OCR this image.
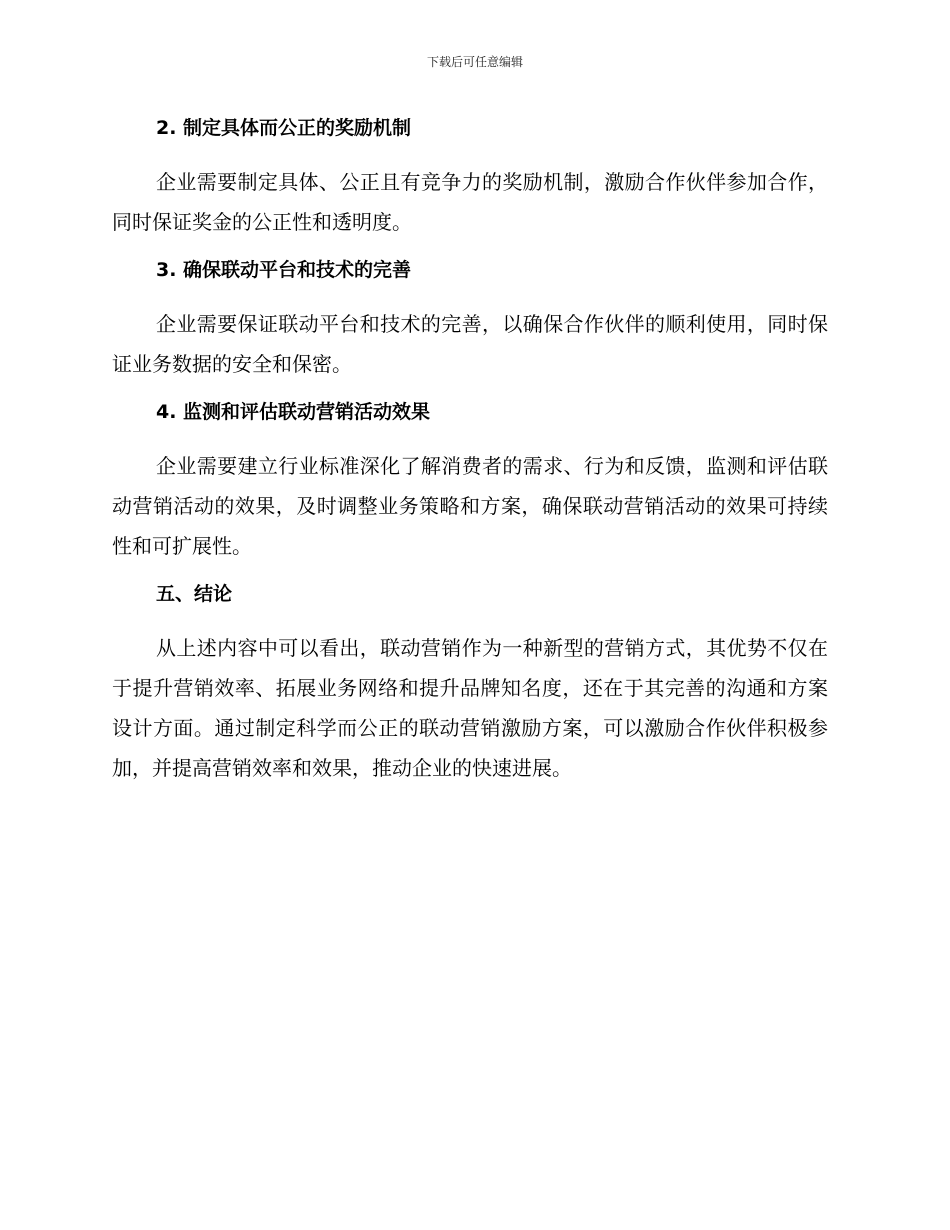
下载后可任意编辑
2. 制定具体而公正的奖励机制

企业需要制定具体、公正且有竞争力的奖励机制，激励合作伙伴参加合作，同时保证奖金的公正性和透明度。

3. 确保联动平台和技术的完善

企业需要保证联动平台和技术的完善，以确保合作伙伴的顺利使用，同时保证业务数据的安全和保密。

4. 监测和评估联动营销活动效果

企业需要建立行业标准深化了解消费者的需求、行为和反馈，监测和评估联动营销活动的效果，及时调整业务策略和方案，确保联动营销活动的效果可持续性和可扩展性。

五、结论

从上述内容中可以看出，联动营销作为一种新型的营销方式，其优势不仅在于提升营销效率、拓展业务网络和提升品牌知名度，还在于其完善的沟通和方案设计方面。通过制定科学而公正的联动营销激励方案，可以激励合作伙伴积极参加，并提高营销效率和效果，推动企业的快速进展。
